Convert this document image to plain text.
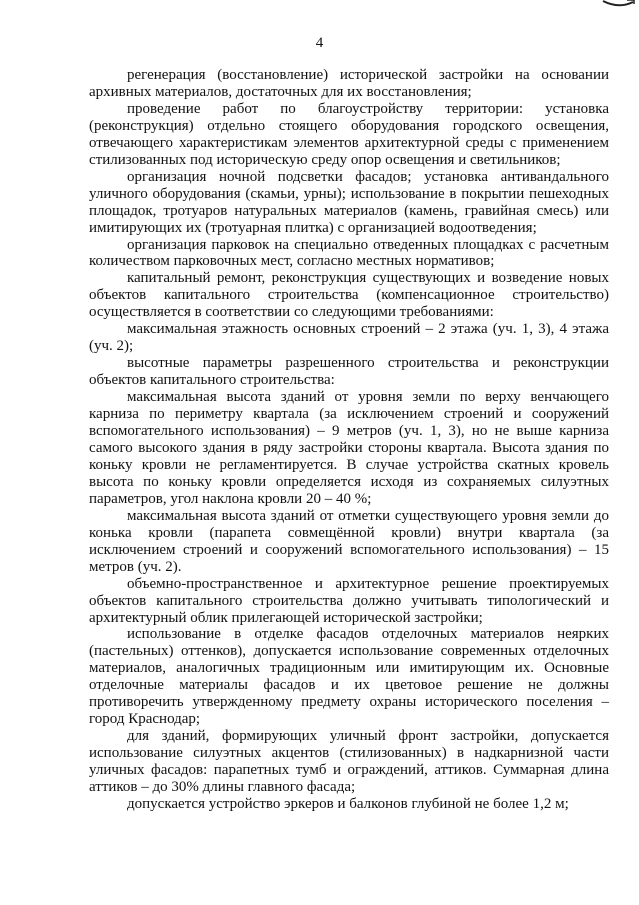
4

регенерация (восстановление) исторической застройки на основании архивных материалов, достаточных для их восстановления;

проведение работ по благоустройству территории: установка (реконструкция) отдельно стоящего оборудования городского освещения, отвечающего характеристикам элементов архитектурной среды с применением стилизованных под историческую среду опор освещения и светильников;

организация ночной подсветки фасадов; установка антивандального уличного оборудования (скамьи, урны); использование в покрытии пешеходных площадок, тротуаров натуральных материалов (камень, гравийная смесь) или имитирующих их (тротуарная плитка) с организацией водоотведения;

организация парковок на специально отведенных площадках с расчетным количеством парковочных мест, согласно местных нормативов;

капитальный ремонт, реконструкция существующих и возведение новых объектов капитального строительства (компенсационное строительство) осуществляется в соответствии со следующими требованиями:

максимальная этажность основных строений – 2 этажа (уч. 1, 3), 4 этажа (уч. 2);

высотные параметры разрешенного строительства и реконструкции объектов капитального строительства:

максимальная высота зданий от уровня земли по верху венчающего карниза по периметру квартала (за исключением строений и сооружений вспомогательного использования) – 9 метров (уч. 1, 3), но не выше карниза самого высокого здания в ряду застройки стороны квартала. Высота здания по коньку кровли не регламентируется. В случае устройства скатных кровель высота по коньку кровли определяется исходя из сохраняемых силуэтных параметров, угол наклона кровли 20 – 40 %;

максимальная высота зданий от отметки существующего уровня земли до конька кровли (парапета совмещённой кровли) внутри квартала (за исключением строений и сооружений вспомогательного использования) – 15 метров (уч. 2).

объемно-пространственное и архитектурное решение проектируемых объектов капитального строительства должно учитывать типологический и архитектурный облик прилегающей исторической застройки;

использование в отделке фасадов отделочных материалов неярких (пастельных) оттенков), допускается использование современных отделочных материалов, аналогичных традиционным или имитирующим их. Основные отделочные материалы фасадов и их цветовое решение не должны противоречить утвержденному предмету охраны исторического поселения – город Краснодар;

для зданий, формирующих уличный фронт застройки, допускается использование силуэтных акцентов (стилизованных) в надкарнизной части уличных фасадов: парапетных тумб и ограждений, аттиков. Суммарная длина аттиков – до 30% длины главного фасада;

допускается устройство эркеров и балконов глубиной не более 1,2 м;
